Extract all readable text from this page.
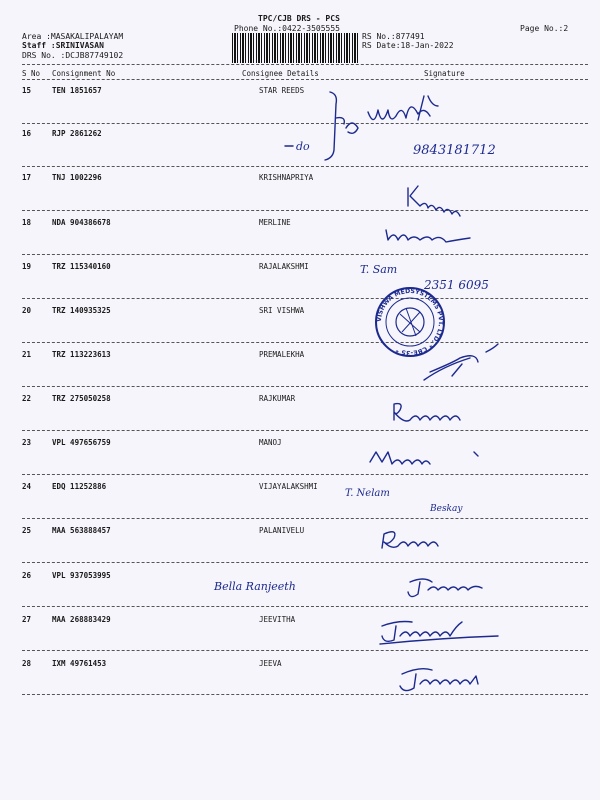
TPC/CJB DRS - PCS
Phone No.:0422-3505555	Page No.:2
Area :MASAKALIPALAYAM
Staff :SRINIVASAN
DRS No. :DCJB87749102
RS No.:877491
RS Date:18-Jan-2022
S No Consignment No	Consignee Details	Signature
15	TEN 1851657	STAR REEDS
16	RJP 2861262
17	TNJ 1002296	KRISHNAPRIYA
18	NDA 904386678	MERLINE
19	TRZ 115340160	RAJALAKSHMI
20	TRZ 140935325	SRI VISHWA
21	TRZ 113223613	PREMALEKHA
22	TRZ 275050258	RAJKUMAR
23	VPL 497656759	MANOJ
24	EDQ 11252886	VIJAYALAKSHMI
25	MAA 563888457	PALANIVELU
26	VPL 937053995
27	MAA 268883429	JEEVITHA
28	IXM 49761453	JEEVA
9843181712
do
T. Sam
2351 6095
T. Nelam
Beskay
Bella Ranjeeth
VISHWA MEDSYSTEMS PVT. LTD. * CBE-35 *
